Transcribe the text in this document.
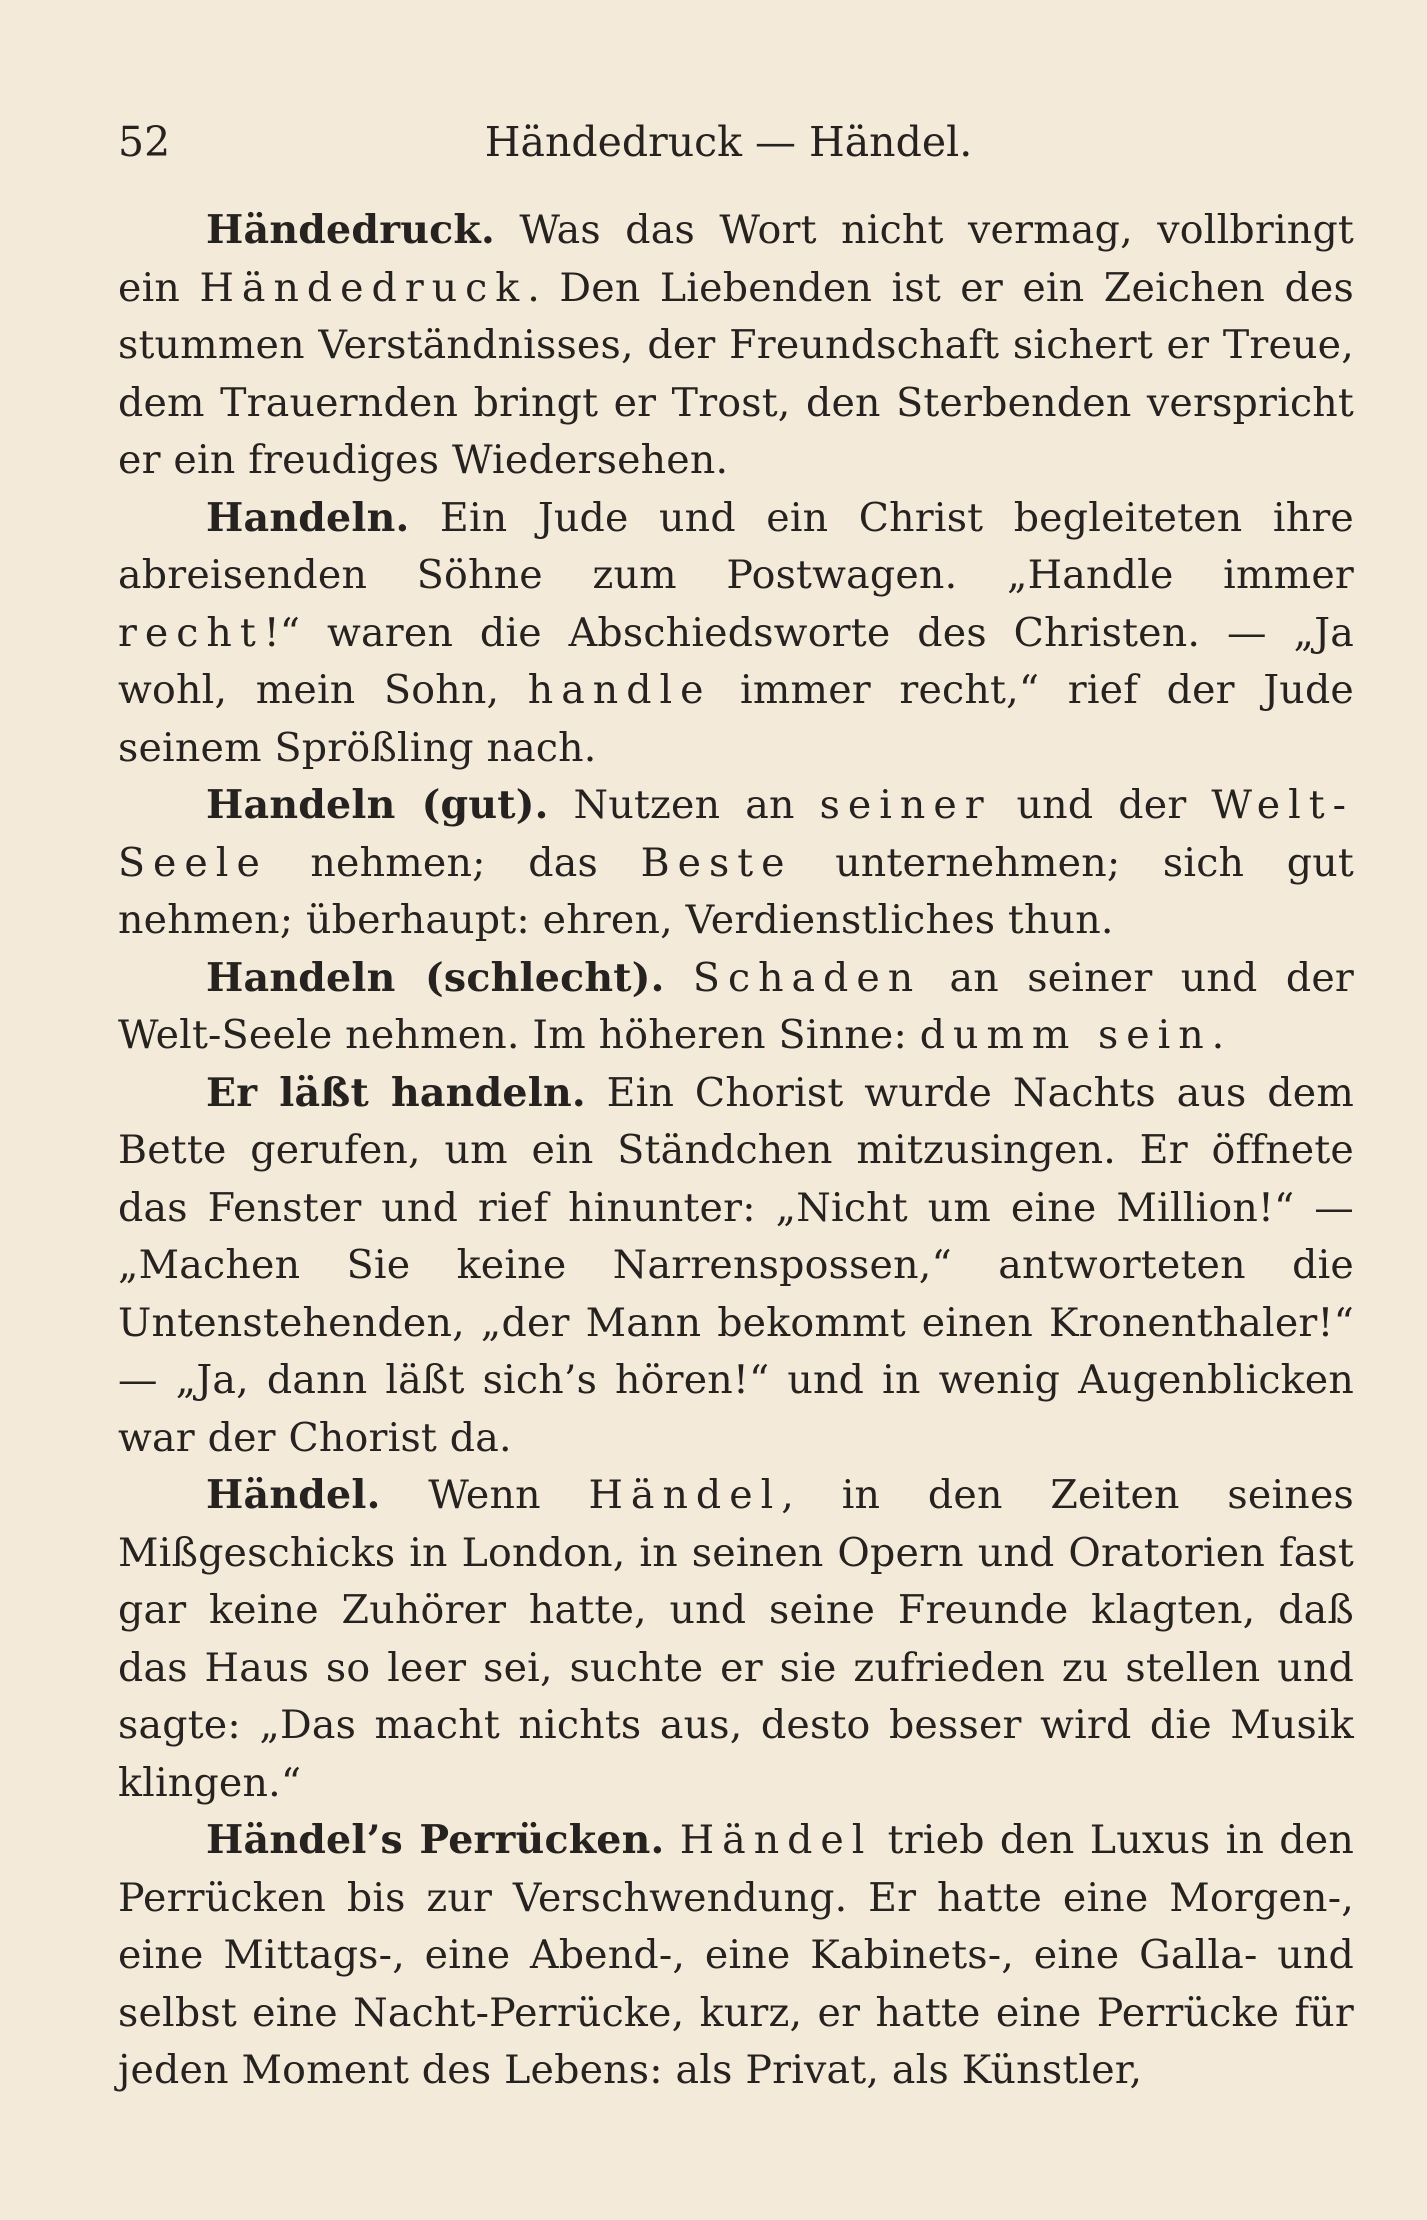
52	Händedruck — Händel.

Händedruck. Was das Wort nicht vermag, vollbringt ein Händedruck. Den Liebenden ist er ein Zeichen des stummen Verständnisses, der Freundschaft sichert er Treue, dem Trauernden bringt er Trost, den Sterbenden verspricht er ein freudiges Wiedersehen.

Handeln. Ein Jude und ein Christ begleiteten ihre abreisenden Söhne zum Postwagen. „Handle immer recht!“ waren die Abschiedsworte des Christen. — „Ja wohl, mein Sohn, handle immer recht,“ rief der Jude seinem Sprößling nach.

Handeln (gut). Nutzen an seiner und der Welt-Seele nehmen; das Beste unternehmen; sich gut nehmen; überhaupt: ehren, Verdienstliches thun.

Handeln (schlecht). Schaden an seiner und der Welt-Seele nehmen. Im höheren Sinne: dumm sein.

Er läßt handeln. Ein Chorist wurde Nachts aus dem Bette gerufen, um ein Ständchen mitzusingen. Er öffnete das Fenster und rief hinunter: „Nicht um eine Million!“ — „Machen Sie keine Narrenspossen,“ antworteten die Untenstehenden, „der Mann bekommt einen Kronenthaler!“ — „Ja, dann läßt sich’s hören!“ und in wenig Augenblicken war der Chorist da.

Händel. Wenn Händel, in den Zeiten seines Mißgeschicks in London, in seinen Opern und Oratorien fast gar keine Zuhörer hatte, und seine Freunde klagten, daß das Haus so leer sei, suchte er sie zufrieden zu stellen und sagte: „Das macht nichts aus, desto besser wird die Musik klingen.“

Händel’s Perrücken. Händel trieb den Luxus in den Perrücken bis zur Verschwendung. Er hatte eine Morgen-, eine Mittags-, eine Abend-, eine Kabinets-, eine Galla- und selbst eine Nacht-Perrücke, kurz, er hatte eine Perrücke für jeden Moment des Lebens: als Privat, als Künstler,
